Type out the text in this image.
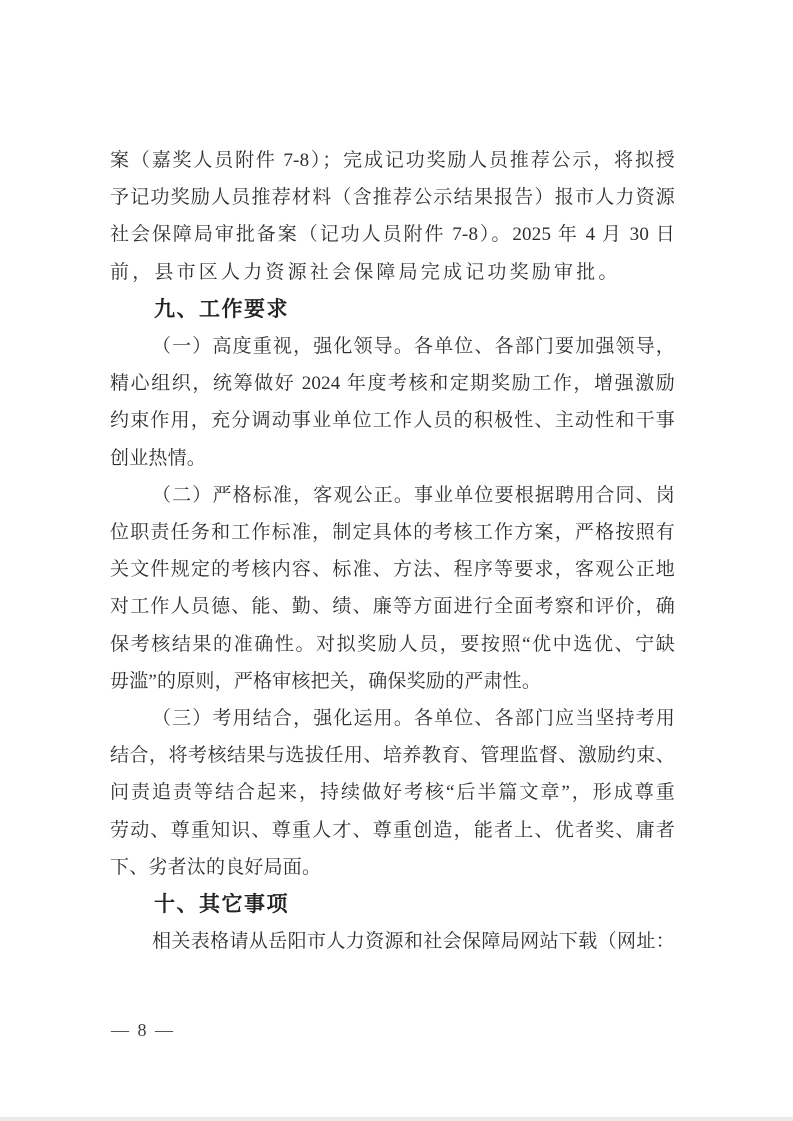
案（嘉奖人员附件 7-8）；完成记功奖励人员推荐公示，将拟授
予记功奖励人员推荐材料（含推荐公示结果报告）报市人力资源
社会保障局审批备案（记功人员附件 7-8）。2025 年 4 月 30 日
前，县市区人力资源社会保障局完成记功奖励审批。
九、工作要求
（一）高度重视，强化领导。各单位、各部门要加强领导，
精心组织，统筹做好 2024 年度考核和定期奖励工作，增强激励
约束作用，充分调动事业单位工作人员的积极性、主动性和干事
创业热情。
（二）严格标准，客观公正。事业单位要根据聘用合同、岗
位职责任务和工作标准，制定具体的考核工作方案，严格按照有
关文件规定的考核内容、标准、方法、程序等要求，客观公正地
对工作人员德、能、勤、绩、廉等方面进行全面考察和评价，确
保考核结果的准确性。对拟奖励人员，要按照“优中选优、宁缺
毋滥”的原则，严格审核把关，确保奖励的严肃性。
（三）考用结合，强化运用。各单位、各部门应当坚持考用
结合，将考核结果与选拔任用、培养教育、管理监督、激励约束、
问责追责等结合起来，持续做好考核“后半篇文章”，形成尊重
劳动、尊重知识、尊重人才、尊重创造，能者上、优者奖、庸者
下、劣者汰的良好局面。
十、其它事项
相关表格请从岳阳市人力资源和社会保障局网站下载（网址：
— 8 —
